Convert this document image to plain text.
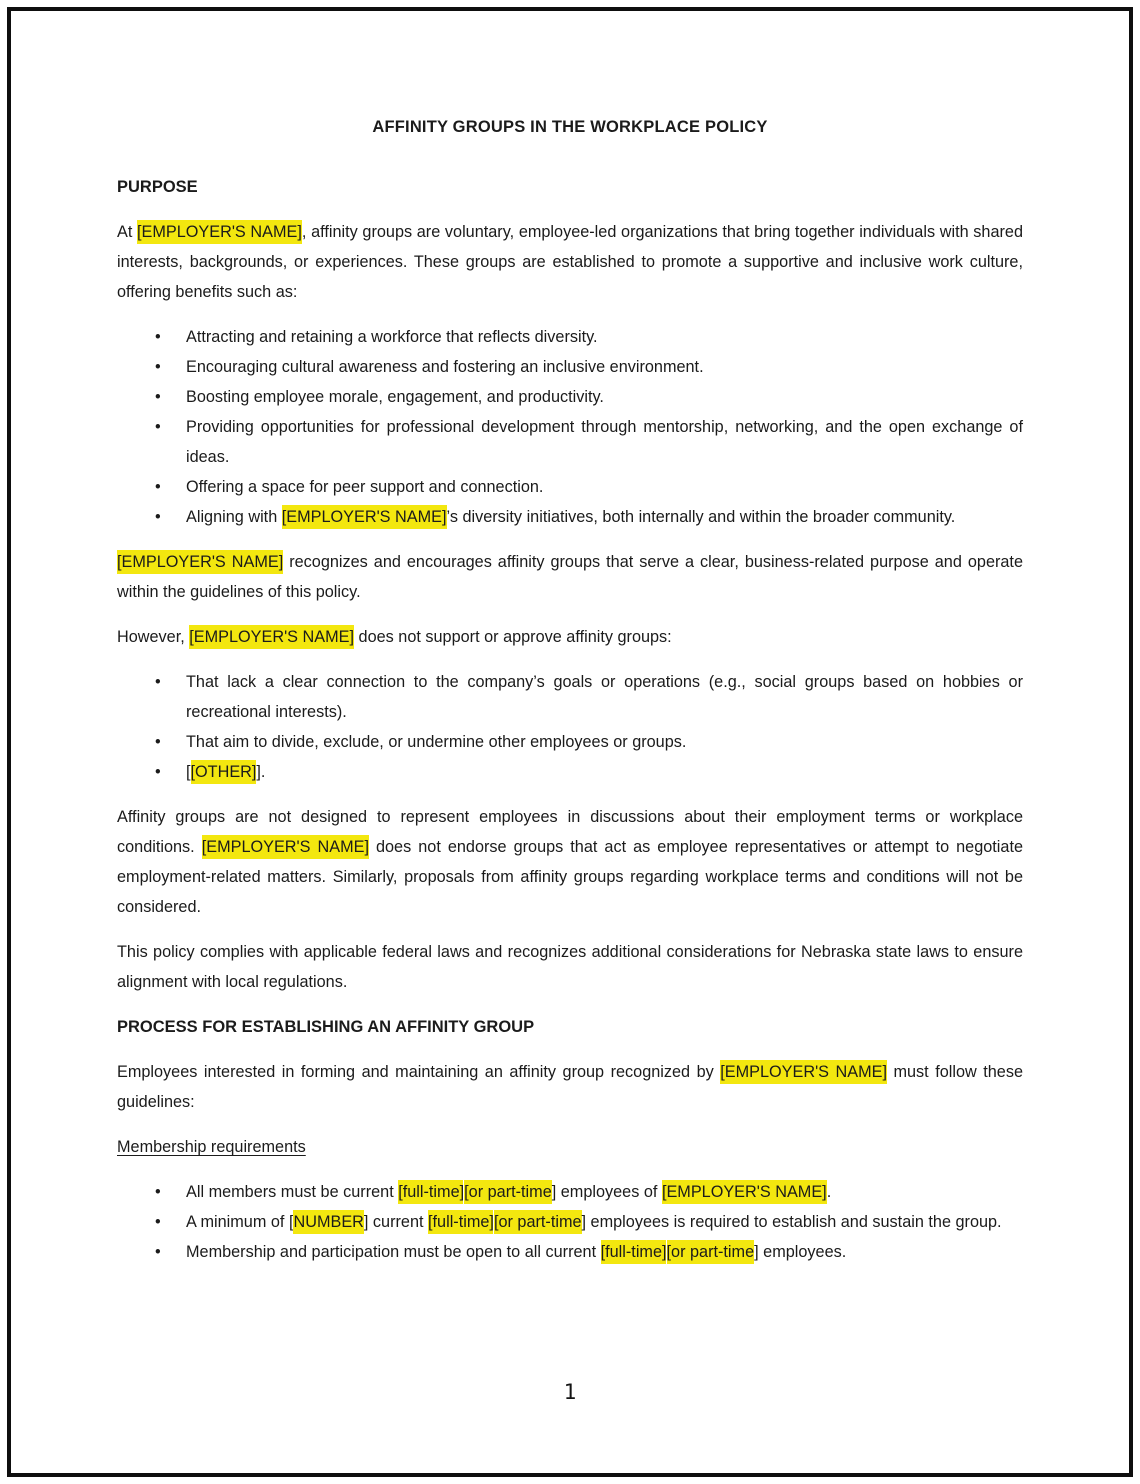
AFFINITY GROUPS IN THE WORKPLACE POLICY
PURPOSE

At [EMPLOYER'S NAME], affinity groups are voluntary, employee-led organizations that bring together individuals with shared interests, backgrounds, or experiences. These groups are established to promote a supportive and inclusive work culture, offering benefits such as:

• Attracting and retaining a workforce that reflects diversity.
• Encouraging cultural awareness and fostering an inclusive environment.
• Boosting employee morale, engagement, and productivity.
• Providing opportunities for professional development through mentorship, networking, and the open exchange of ideas.
• Offering a space for peer support and connection.
• Aligning with [EMPLOYER'S NAME]’s diversity initiatives, both internally and within the broader community.

[EMPLOYER'S NAME] recognizes and encourages affinity groups that serve a clear, business-related purpose and operate within the guidelines of this policy.

However, [EMPLOYER'S NAME] does not support or approve affinity groups:

• That lack a clear connection to the company’s goals or operations (e.g., social groups based on hobbies or recreational interests).
• That aim to divide, exclude, or undermine other employees or groups.
• [[OTHER]].

Affinity groups are not designed to represent employees in discussions about their employment terms or workplace conditions. [EMPLOYER'S NAME] does not endorse groups that act as employee representatives or attempt to negotiate employment-related matters. Similarly, proposals from affinity groups regarding workplace terms and conditions will not be considered.

This policy complies with applicable federal laws and recognizes additional considerations for Nebraska state laws to ensure alignment with local regulations.

PROCESS FOR ESTABLISHING AN AFFINITY GROUP

Employees interested in forming and maintaining an affinity group recognized by [EMPLOYER'S NAME] must follow these guidelines:

Membership requirements
• All members must be current [full-time][or part-time] employees of [EMPLOYER'S NAME].
• A minimum of [NUMBER] current [full-time][or part-time] employees is required to establish and sustain the group.
• Membership and participation must be open to all current [full-time][or part-time] employees.
1
